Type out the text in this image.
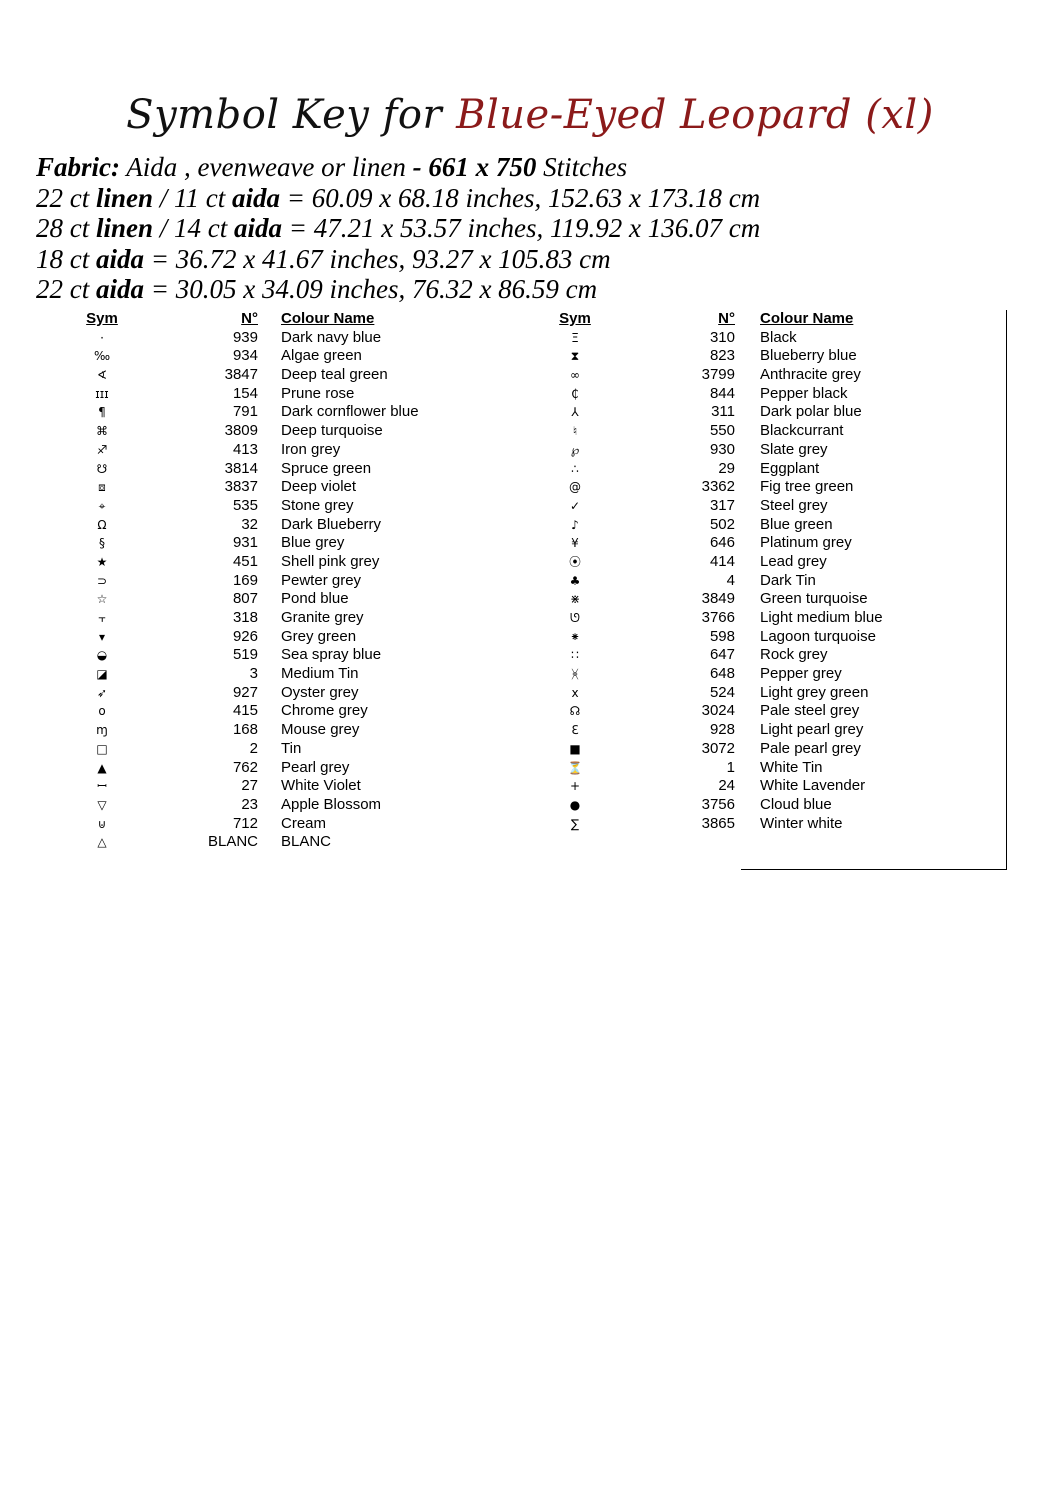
Symbol Key for Blue-Eyed Leopard (xl)
Fabric: Aida , evenweave or linen - 661 x 750 Stitches
22 ct linen / 11 ct aida = 60.09 x 68.18 inches, 152.63 x 173.18 cm
28 ct linen / 14 ct aida = 47.21 x 53.57 inches, 119.92 x 136.07 cm
18 ct aida = 36.72 x 41.67 inches, 93.27 x 105.83 cm
22 ct aida = 30.05 x 34.09 inches, 76.32 x 86.59 cm
Sym	N° Colour Name
·	939 Dark navy blue
‰	934 Algae green
∢	3847 Deep teal green
ɪɪɪ	154 Prune rose
¶	791 Dark cornflower blue
⌘	3809 Deep turquoise
♐	413 Iron grey
☋	3814 Spruce green
⧈	3837 Deep violet
⌖	535 Stone grey
Ω	32 Dark Blueberry
§	931 Blue grey
★	451 Shell pink grey
⊃	169 Pewter grey
☆	807 Pond blue
⫟	318 Granite grey
▾	926 Grey green
◒	519 Sea spray blue
◪	3 Medium Tin
➶	927 Oyster grey
o	415 Chrome grey
ɱ	168 Mouse grey
□	2 Tin
▲	762 Pearl grey
ꟷ	27 White Violet
▽	23 Apple Blossom
⊍	712 Cream
△	BLANC BLANC
Sym	N° Colour Name
Ξ	310 Black
⧗	823 Blueberry blue
∞	3799 Anthracite grey
₵	844 Pepper black
⅄	311 Dark polar blue
♮	550 Blackcurrant
℘	930 Slate grey
∴	29 Eggplant
@	3362 Fig tree green
✓	317 Steel grey
♪	502 Blue green
¥	646 Platinum grey
⦿	414 Lead grey
♣	4 Dark Tin
⋇	3849 Green turquoise
ᘎ	3766 Light medium blue
⁕	598 Lagoon turquoise
∷	647 Rock grey
ᚸ	648 Pepper grey
x	524 Light grey green
☊	3024 Pale steel grey
ℇ	928 Light pearl grey
■	3072 Pale pearl grey
⏳	1 White Tin
+	24 White Lavender
●	3756 Cloud blue
∑	3865 Winter white
